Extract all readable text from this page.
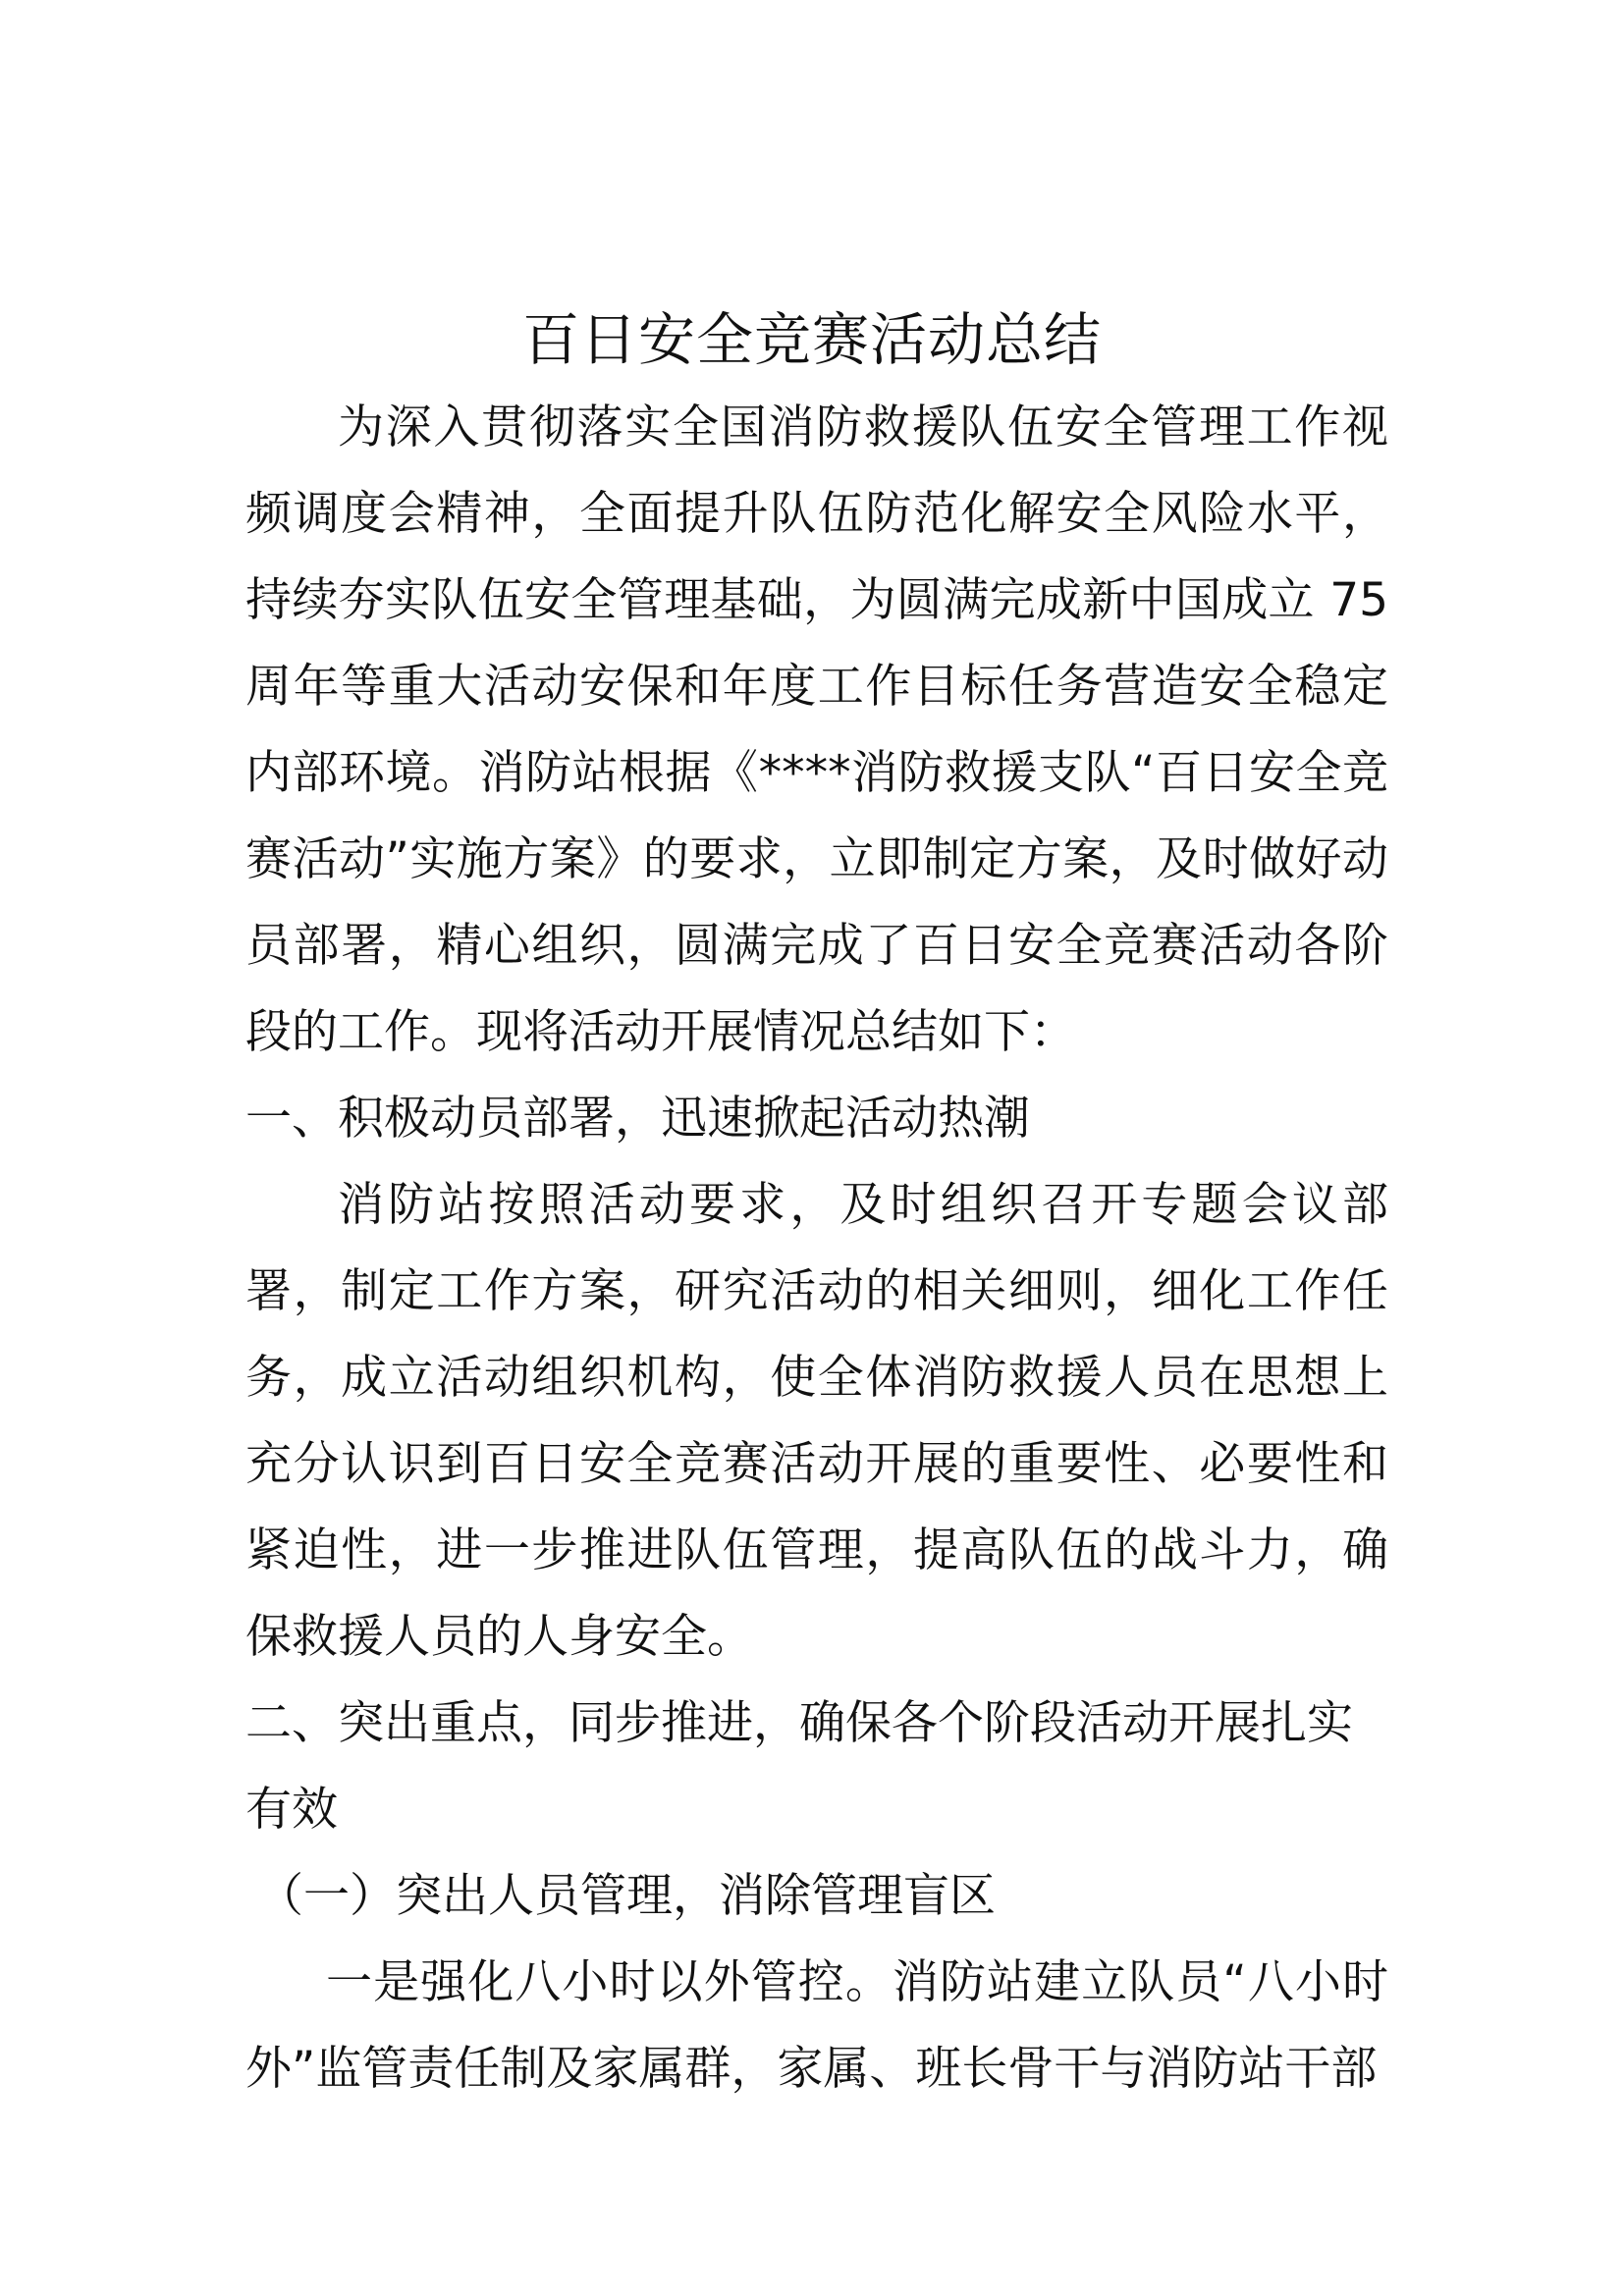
百日安全竞赛活动总结

为深入贯彻落实全国消防救援队伍安全管理工作视频调度会精神，全面提升队伍防范化解安全风险水平，持续夯实队伍安全管理基础，为圆满完成新中国成立 75 周年等重大活动安保和年度工作目标任务营造安全稳定内部环境。消防站根据《****消防救援支队“百日安全竞赛活动”实施方案》的要求，立即制定方案，及时做好动员部署，精心组织，圆满完成了百日安全竞赛活动各阶段的工作。现将活动开展情况总结如下：

一、积极动员部署，迅速掀起活动热潮

消防站按照活动要求，及时组织召开专题会议部署，制定工作方案，研究活动的相关细则，细化工作任务，成立活动组织机构，使全体消防救援人员在思想上充分认识到百日安全竞赛活动开展的重要性、必要性和紧迫性，进一步推进队伍管理，提高队伍的战斗力，确保救援人员的人身安全。

二、突出重点，同步推进，确保各个阶段活动开展扎实有效

（一）突出人员管理，消除管理盲区

一是强化八小时以外管控。消防站建立队员“八小时外”监管责任制及家属群，家属、班长骨干与消防站干部
